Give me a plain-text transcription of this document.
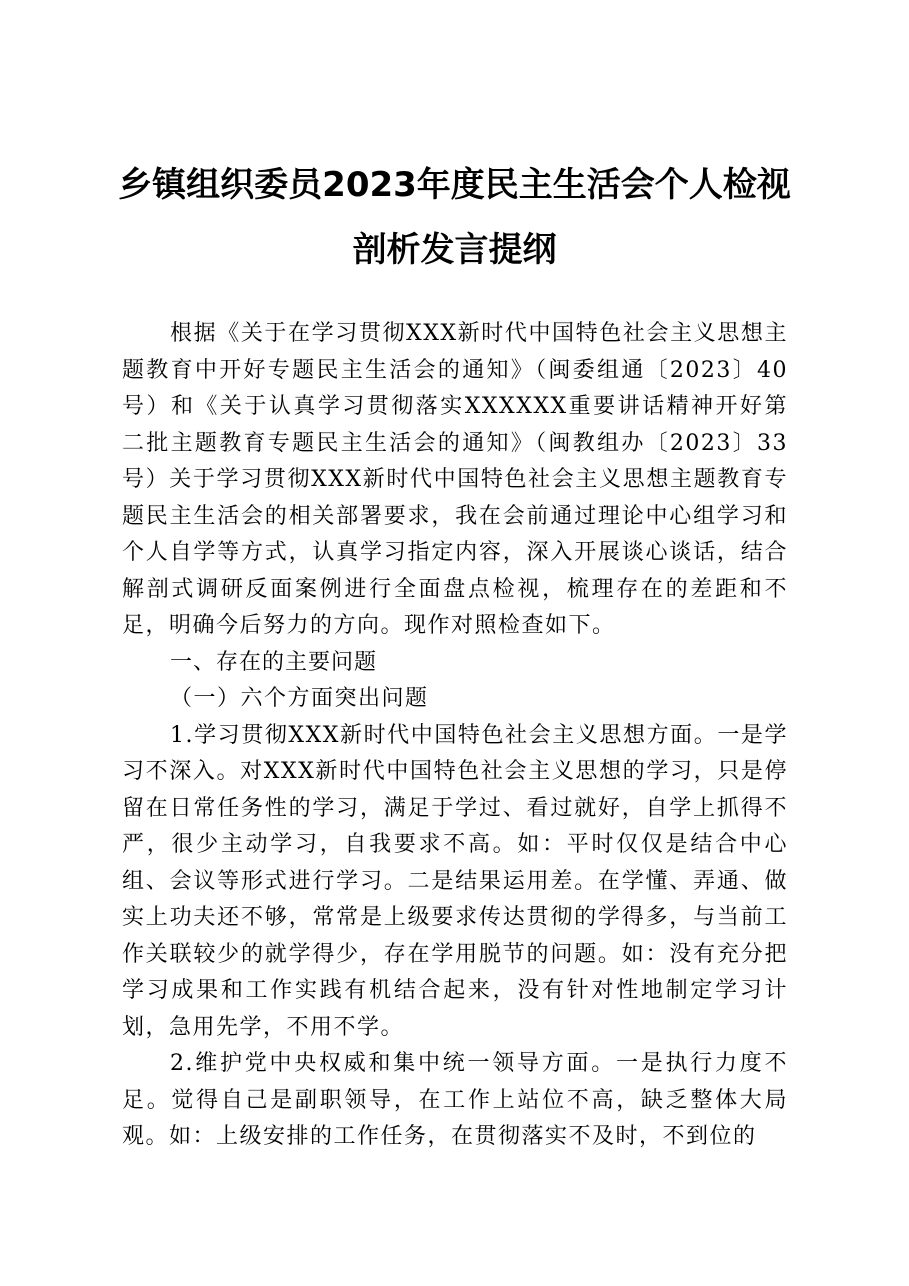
乡镇组织委员2023年度民主生活会个人检视
剖析发言提纲

根据《关于在学习贯彻XXX新时代中国特色社会主义思想主题教育中开好专题民主生活会的通知》（闽委组通〔2023〕40号）和《关于认真学习贯彻落实XXXXXX重要讲话精神开好第二批主题教育专题民主生活会的通知》（闽教组办〔2023〕33号）关于学习贯彻XXX新时代中国特色社会主义思想主题教育专题民主生活会的相关部署要求，我在会前通过理论中心组学习和个人自学等方式，认真学习指定内容，深入开展谈心谈话，结合解剖式调研反面案例进行全面盘点检视，梳理存在的差距和不足，明确今后努力的方向。现作对照检查如下。

一、存在的主要问题

（一）六个方面突出问题

1.学习贯彻XXX新时代中国特色社会主义思想方面。一是学习不深入。对XXX新时代中国特色社会主义思想的学习，只是停留在日常任务性的学习，满足于学过、看过就好，自学上抓得不严，很少主动学习，自我要求不高。如：平时仅仅是结合中心组、会议等形式进行学习。二是结果运用差。在学懂、弄通、做实上功夫还不够，常常是上级要求传达贯彻的学得多，与当前工作关联较少的就学得少，存在学用脱节的问题。如：没有充分把学习成果和工作实践有机结合起来，没有针对性地制定学习计划，急用先学，不用不学。

2.维护党中央权威和集中统一领导方面。一是执行力度不足。觉得自己是副职领导，在工作上站位不高，缺乏整体大局观。如：上级安排的工作任务，在贯彻落实不及时，不到位的
